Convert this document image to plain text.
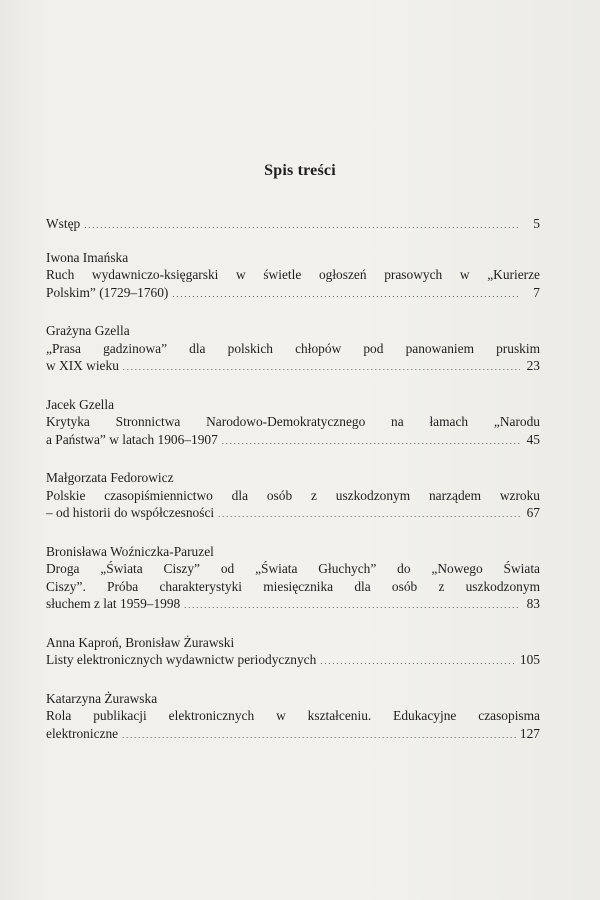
Spis treści
Wstęp . . .	5
Iwona Imańska
Ruch wydawniczo-księgarski w świetle ogłoszeń prasowych w „Kurierze
Polskim” (1729–1760) . . .	7
Grażyna Gzella
„Prasa gadzinowa” dla polskich chłopów pod panowaniem pruskim
w XIX wieku . . .	23
Jacek Gzella
Krytyka Stronnictwa Narodowo-Demokratycznego na łamach „Narodu
a Państwa” w latach 1906–1907 . . .	45
Małgorzata Fedorowicz
Polskie czasopiśmiennictwo dla osób z uszkodzonym narządem wzroku
– od historii do współczesności . . .	67
Bronisława Woźniczka-Paruzel
Droga „Świata Ciszy” od „Świata Głuchych” do „Nowego Świata
Ciszy”. Próba charakterystyki miesięcznika dla osób z uszkodzonym
słuchem z lat 1959–1998 . . .	83
Anna Kaproń, Bronisław Żurawski
Listy elektronicznych wydawnictw periodycznych . . .	105
Katarzyna Żurawska
Rola publikacji elektronicznych w kształceniu. Edukacyjne czasopisma
elektroniczne . . .	127
